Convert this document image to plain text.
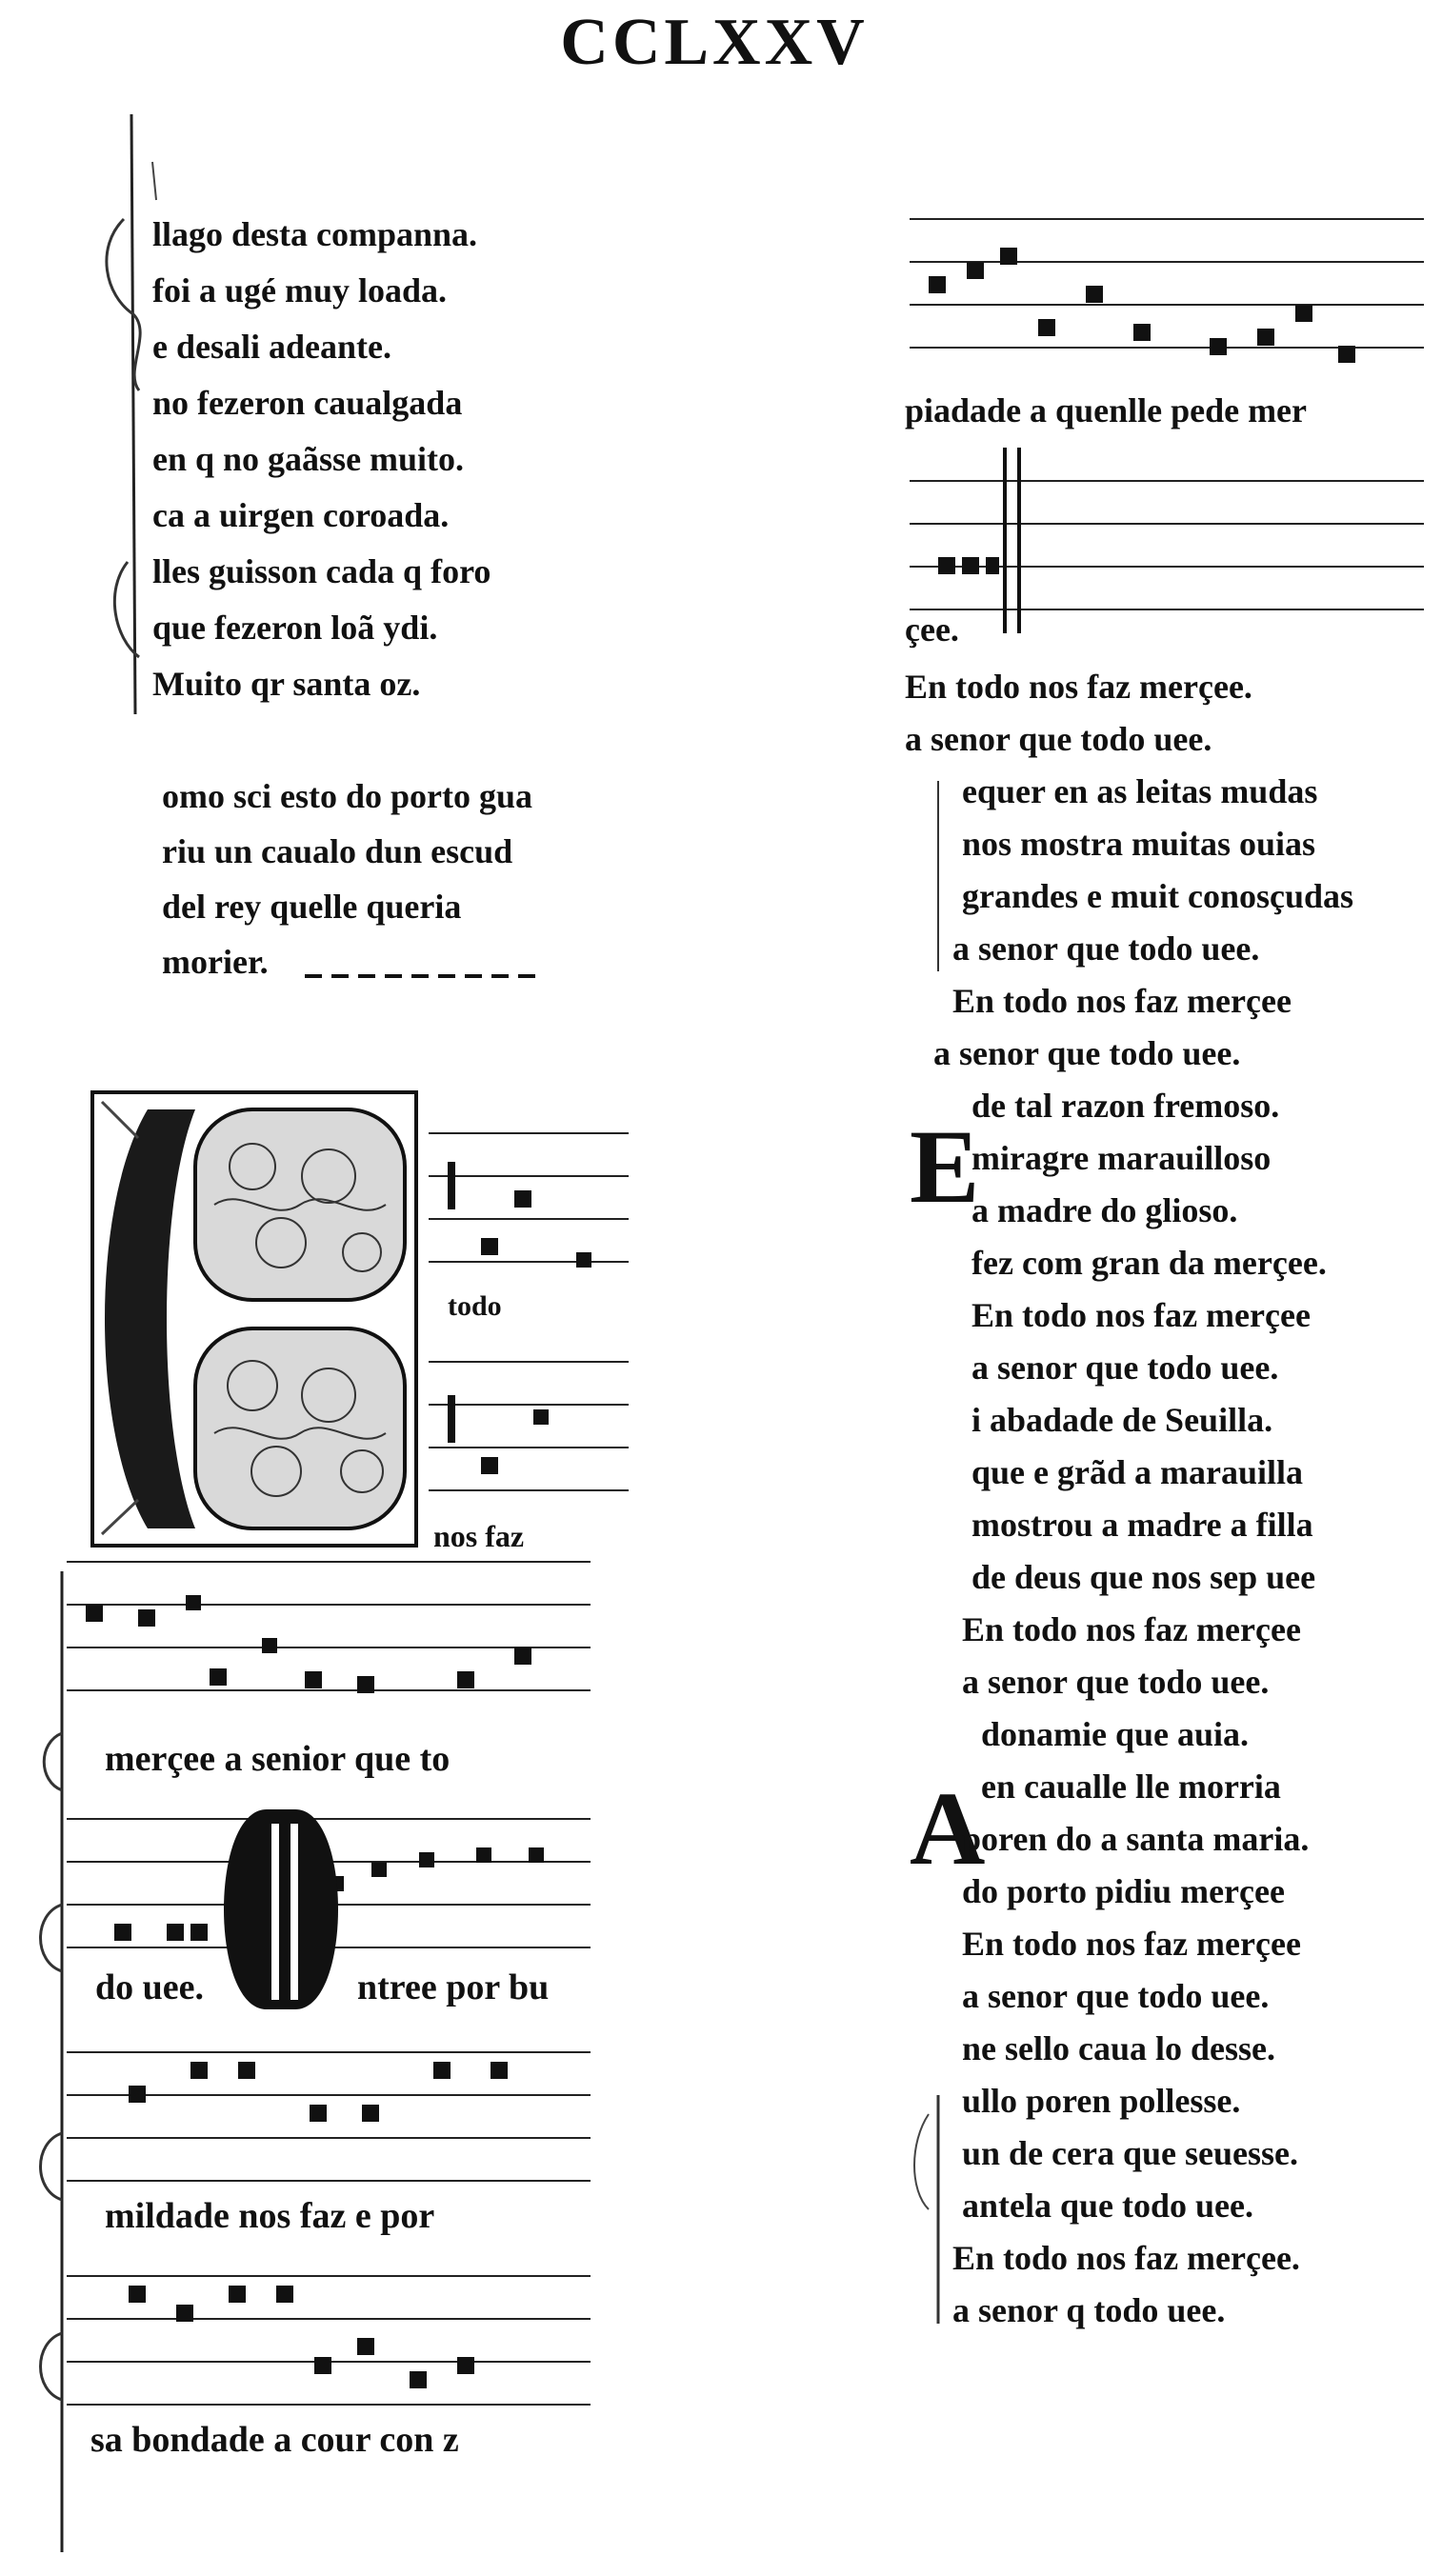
CCLXXV
llago desta companna.
foi a ugé muy loada.
e desali adeante.
no fezeron caualgada
en q no gaãsse muito.
ca a uirgen coroada.
lles guisson cada q foro
que fezeron loã ydi.
Muito qr santa oz.
omo sci esto do porto gua
riu un caualo dun escud
del rey quelle queria
morier.
todo
nos faz
merçee a senior que to
do uee.	ntree por bu
mildade nos faz e por
sa bondade a cour con z
piadade a quenlle pede mer
çee.
E
A
En todo nos faz merçee.
a senor que todo uee.
equer en as leitas mudas
nos mostra muitas ouias
grandes e muit conosçudas
a senor que todo uee.
En todo nos faz merçee
a senor que todo uee.
de tal razon fremoso.
miragre marauilloso
a madre do glioso.
fez com gran da merçee.
En todo nos faz merçee
a senor que todo uee.
i abadade de Seuilla.
que e grãd a marauilla
mostrou a madre a filla
de deus que nos sep uee
En todo nos faz merçee
a senor que todo uee.
donamie que auia.
en caualle lle morria
poren do a santa maria.
do porto pidiu merçee
En todo nos faz merçee
a senor que todo uee.
ne sello caua lo desse.
ullo poren pollesse.
un de cera que seuesse.
antela que todo uee.
En todo nos faz merçee.
a senor q todo uee.
